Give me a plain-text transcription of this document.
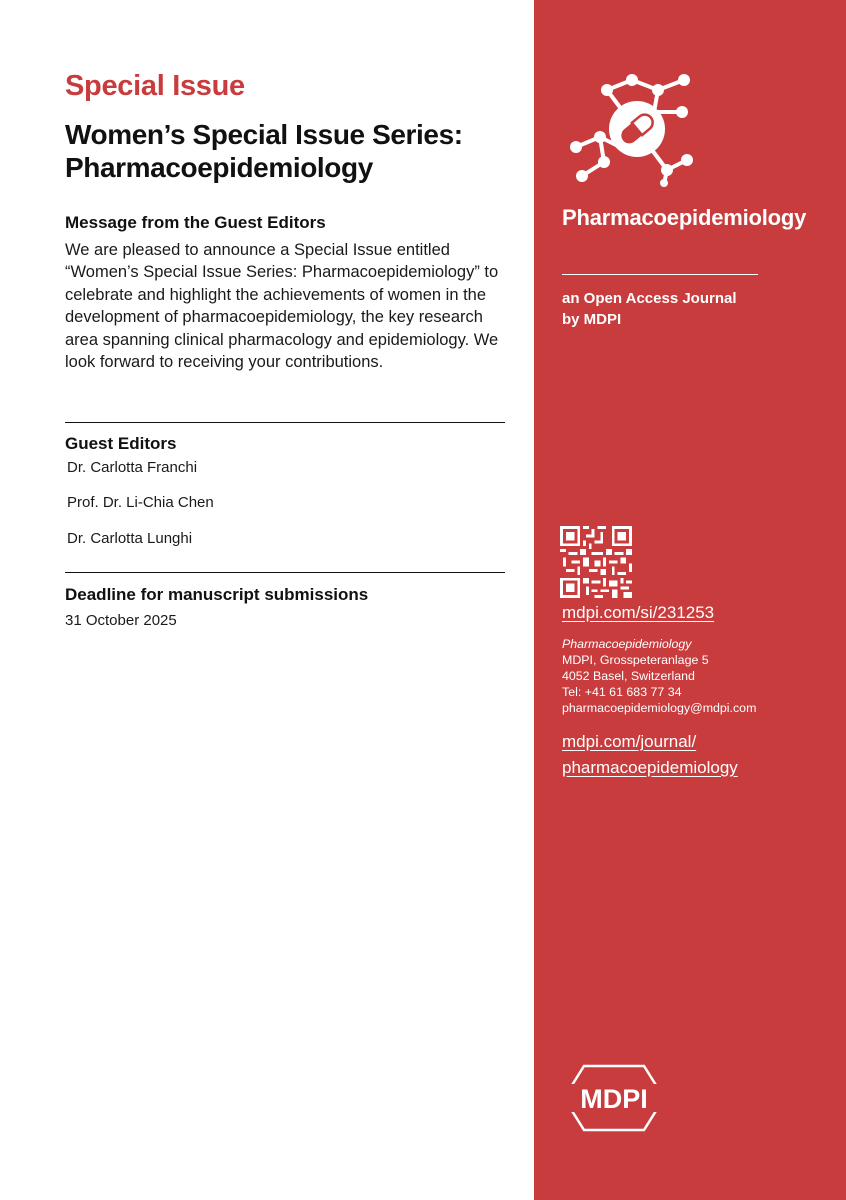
Special Issue
Women’s Special Issue Series: Pharmacoepidemiology
Message from the Guest Editors
We are pleased to announce a Special Issue entitled “Women’s Special Issue Series: Pharmacoepidemiology” to celebrate and highlight the achievements of women in the development of pharmacoepidemiology, the key research area spanning clinical pharmacology and epidemiology. We look forward to receiving your contributions.
Guest Editors
Dr. Carlotta Franchi
Prof. Dr. Li-Chia Chen
Dr. Carlotta Lunghi
Deadline for manuscript submissions
31 October 2025
Pharmacoepidemiology
an Open Access Journal
by MDPI
mdpi.com/si/231253
Pharmacoepidemiology
MDPI, Grosspeteranlage 5
4052 Basel, Switzerland
Tel: +41 61 683 77 34
pharmacoepidemiology@mdpi.com
mdpi.com/journal/
pharmacoepidemiology
MDPI
